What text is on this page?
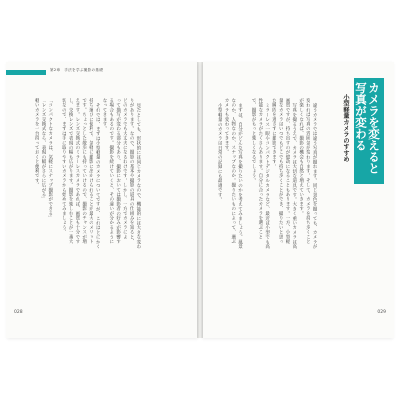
第2章　手法を学ぶ撮影の基礎
見たとしても、形状的には同じカメラなので、機能的には大きな変わ
りがあります。なので、撮影の基本や撮影の道具の仕組みを知ると、
どのカメラでも大丈夫になるわけです。しかし、一方でカメラによ
って描写が変わる部分もあり、撮影においては撮影者の好みが影響す
る場合もあるのです。撮影を続けていくと、その違いが分かるように
なってきます。
それでは、まずは小型軽量のカメラについてですが、これはとにかく
持ち運びに便利で、気軽に撮影に出かけられることが最大のメリット
です。ちょっとした散歩にも持っていけるので、撮影のチャンスが増
えます。レンズ交換式のミラーレスカメラであれば、画質も十分です
し、交換レンズで表現の幅も広がります。撮影を楽しむことが一番大
切なので、まずは手に取りやすいカメラから始めてみましょう。

「コンパクトなカメラは、気軽にスナップ撮影ができる」
「レンズ交換式なら、表現の幅がさらに広がる」
軽いカメラを一台持っておくと便利です。
028
カメラを変えると
写真が変わる
小型軽量カメラのすすめ
違うカメラでは違う写真が撮れます。同じ景色を撮っても、カメラが
変われば写真の雰囲気が変わります。そして、カメラを持ち歩くこと
が楽しくなれば、撮影の機会も自然と増えていきます。
写真を撮るうえで、カメラは大切な道具です。大きく重いカメラは高
画質ですが、持ち出すのが億劫になることもあります。一方、小型軽
量なカメラはいつでもどこでも持ち歩くことができ、撮りたいと思っ
た瞬間を逃さずに撮影できます。
ミラーレス一眼やコンパクトデジタルカメラなど、最近は小型でも高
性能なカメラがたくさんあります。自分に合ったカメラを選ぶこと
で、撮影がもっと楽しくなるでしょう。

まずは、自分がどんな写真を撮りたいのかを考えてみましょう。風景
なのか、人物なのか、スナップなのか。撮りたいものによって、選ぶ
カメラも変わってきます。
小型軽量のカメラは日常の記録にも最適です。
029
